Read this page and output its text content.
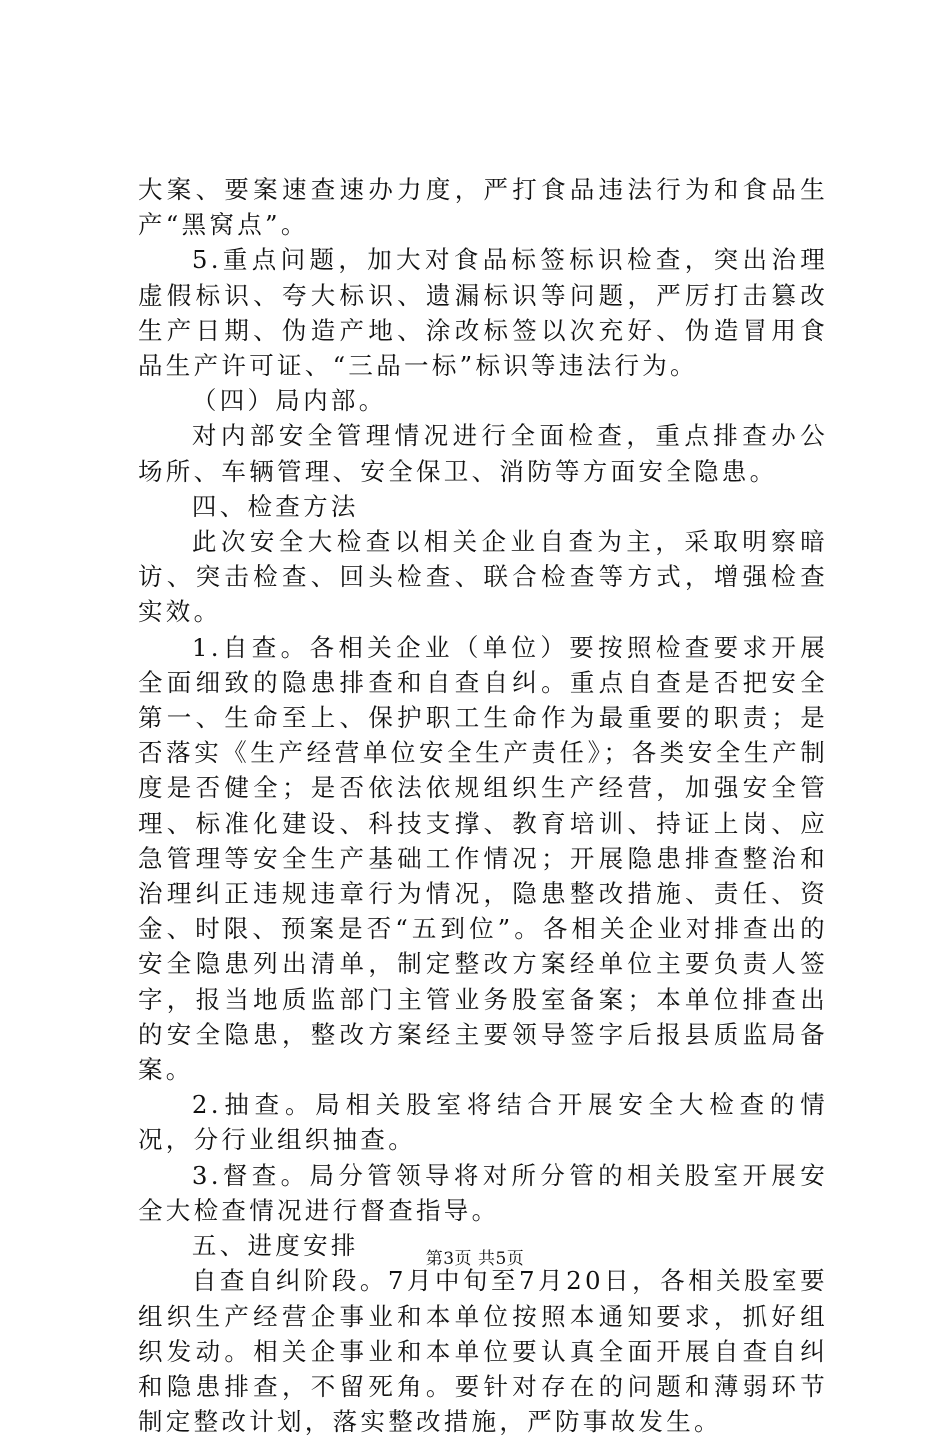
大案、要案速查速办力度，严打食品违法行为和食品生产“黑窝点”。

5.重点问题，加大对食品标签标识检查，突出治理虚假标识、夸大标识、遗漏标识等问题，严厉打击篡改生产日期、伪造产地、涂改标签以次充好、伪造冒用食品生产许可证、“三品一标”标识等违法行为。

（四）局内部。

对内部安全管理情况进行全面检查，重点排查办公场所、车辆管理、安全保卫、消防等方面安全隐患。

四、检查方法

此次安全大检查以相关企业自查为主，采取明察暗访、突击检查、回头检查、联合检查等方式，增强检查实效。

1.自查。各相关企业（单位）要按照检查要求开展全面细致的隐患排查和自查自纠。重点自查是否把安全第一、生命至上、保护职工生命作为最重要的职责；是否落实《生产经营单位安全生产责任》；各类安全生产制度是否健全；是否依法依规组织生产经营，加强安全管理、标准化建设、科技支撑、教育培训、持证上岗、应急管理等安全生产基础工作情况；开展隐患排查整治和治理纠正违规违章行为情况，隐患整改措施、责任、资金、时限、预案是否“五到位”。各相关企业对排查出的安全隐患列出清单，制定整改方案经单位主要负责人签字，报当地质监部门主管业务股室备案；本单位排查出的安全隐患，整改方案经主要领导签字后报县质监局备案。

2.抽查。局相关股室将结合开展安全大检查的情况，分行业组织抽查。

3.督查。局分管领导将对所分管的相关股室开展安全大检查情况进行督查指导。

五、进度安排

自查自纠阶段。7月中旬至7月20日，各相关股室要组织生产经营企事业和本单位按照本通知要求，抓好组织发动。相关企事业和本单位要认真全面开展自查自纠和隐患排查，不留死角。要针对存在的问题和薄弱环节制定整改计划，落实整改措施，严防事故发生。

第3页 共5页
